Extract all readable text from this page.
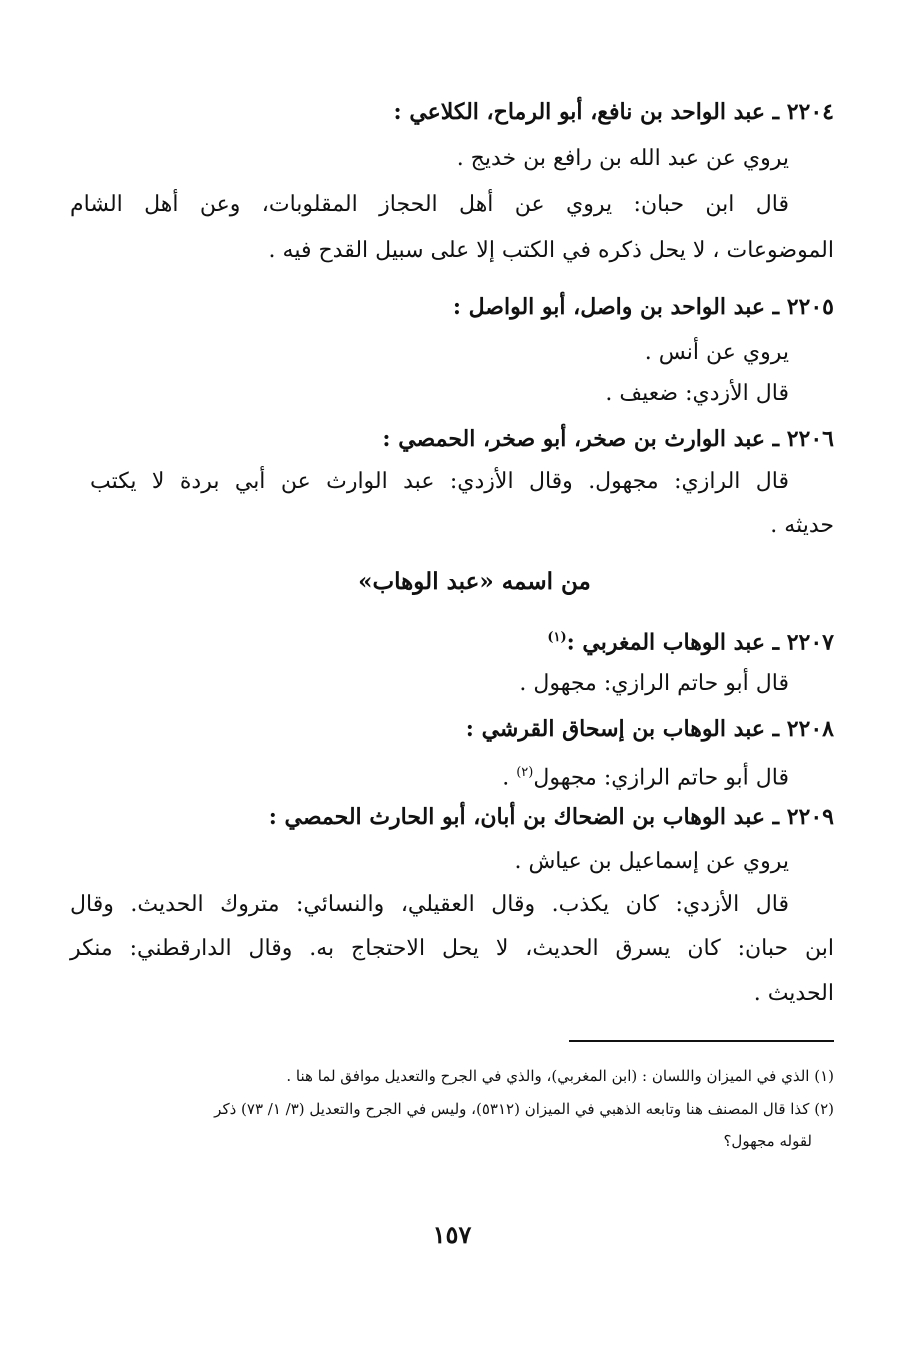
٢٢٠٤ ـ عبد الواحد بن نافع، أبو الرماح، الكلاعي :
يروي عن عبد الله بن رافع بن خديج .
قال ابن حبان: يروي عن أهل الحجاز المقلوبات، وعن أهل الشام
الموضوعات ، لا يحل ذكره في الكتب إلا على سبيل القدح فيه .
٢٢٠٥ ـ عبد الواحد بن واصل، أبو الواصل :
يروي عن أنس .
قال الأزدي: ضعيف .
٢٢٠٦ ـ عبد الوارث بن صخر، أبو صخر، الحمصي :
قال الرازي: مجهول. وقال الأزدي: عبد الوارث عن أبي بردة لا يكتب
حديثه .
من اسمه «عبد الوهاب»
٢٢٠٧ ـ عبد الوهاب المغربي :$^{(١)}$
قال أبو حاتم الرازي: مجهول .
٢٢٠٨ ـ عبد الوهاب بن إسحاق القرشي :
قال أبو حاتم الرازي: مجهول$^{(٢)}$ .
٢٢٠٩ ـ عبد الوهاب بن الضحاك بن أبان، أبو الحارث الحمصي :
يروي عن إسماعيل بن عياش .
قال الأزدي: كان يكذب. وقال العقيلي، والنسائي: متروك الحديث. وقال
ابن حبان: كان يسرق الحديث، لا يحل الاحتجاج به. وقال الدارقطني: منكر
الحديث .
(١) الذي في الميزان واللسان : (ابن المغربي)، والذي في الجرح والتعديل موافق لما هنا .
(٢) كذا قال المصنف هنا وتابعه الذهبي في الميزان (٥٣١٢)، وليس في الجرح والتعديل (٣/ ١/ ٧٣) ذكر
لقوله مجهول؟
١٥٧
